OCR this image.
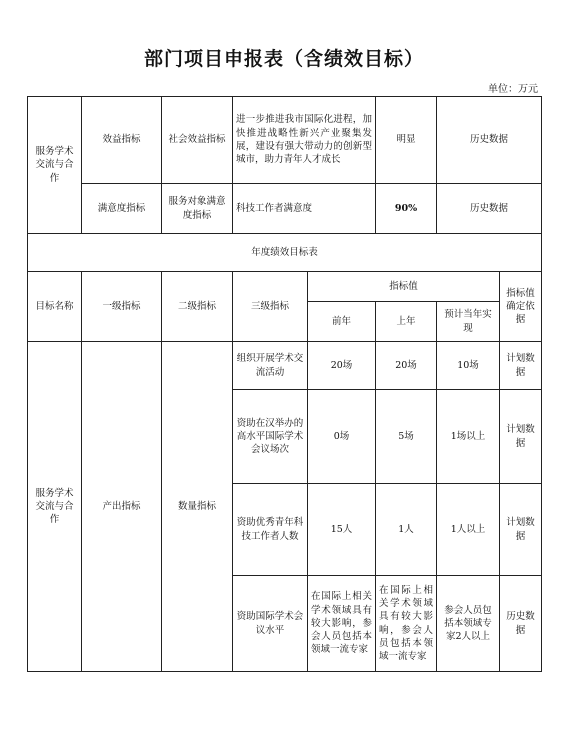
部门项目申报表（含绩效目标）
单位：万元
服务学术交流与合作	效益指标	社会效益指标	进一步推进我市国际化进程，加快推进战略性新兴产业聚集发展，建设有强大带动力的创新型城市，助力青年人才成长		明显	历史数据	
	满意度指标	服务对象满意度指标	科技工作者满意度		90%	历史数据	
年度绩效目标表							
目标名称	一级指标	二级指标	三级指标	指标值			指标值确定依据
				前年	上年	预计当年实现	
服务学术交流与合作	产出指标	数量指标	组织开展学术交流活动	20场	20场	10场	计划数据
			资助在汉举办的高水平国际学术会议场次	0场	5场	1场以上	计划数据
			资助优秀青年科技工作者人数	15人	1人	1人以上	计划数据
			资助国际学术会议水平	在国际上相关学术领域具有较大影响，参会人员包括本领域一流专家	在国际上相关学术领域具有较大影响，参会人员包括本领域一流专家	参会人员包括本领域专家2人以上	历史数据
